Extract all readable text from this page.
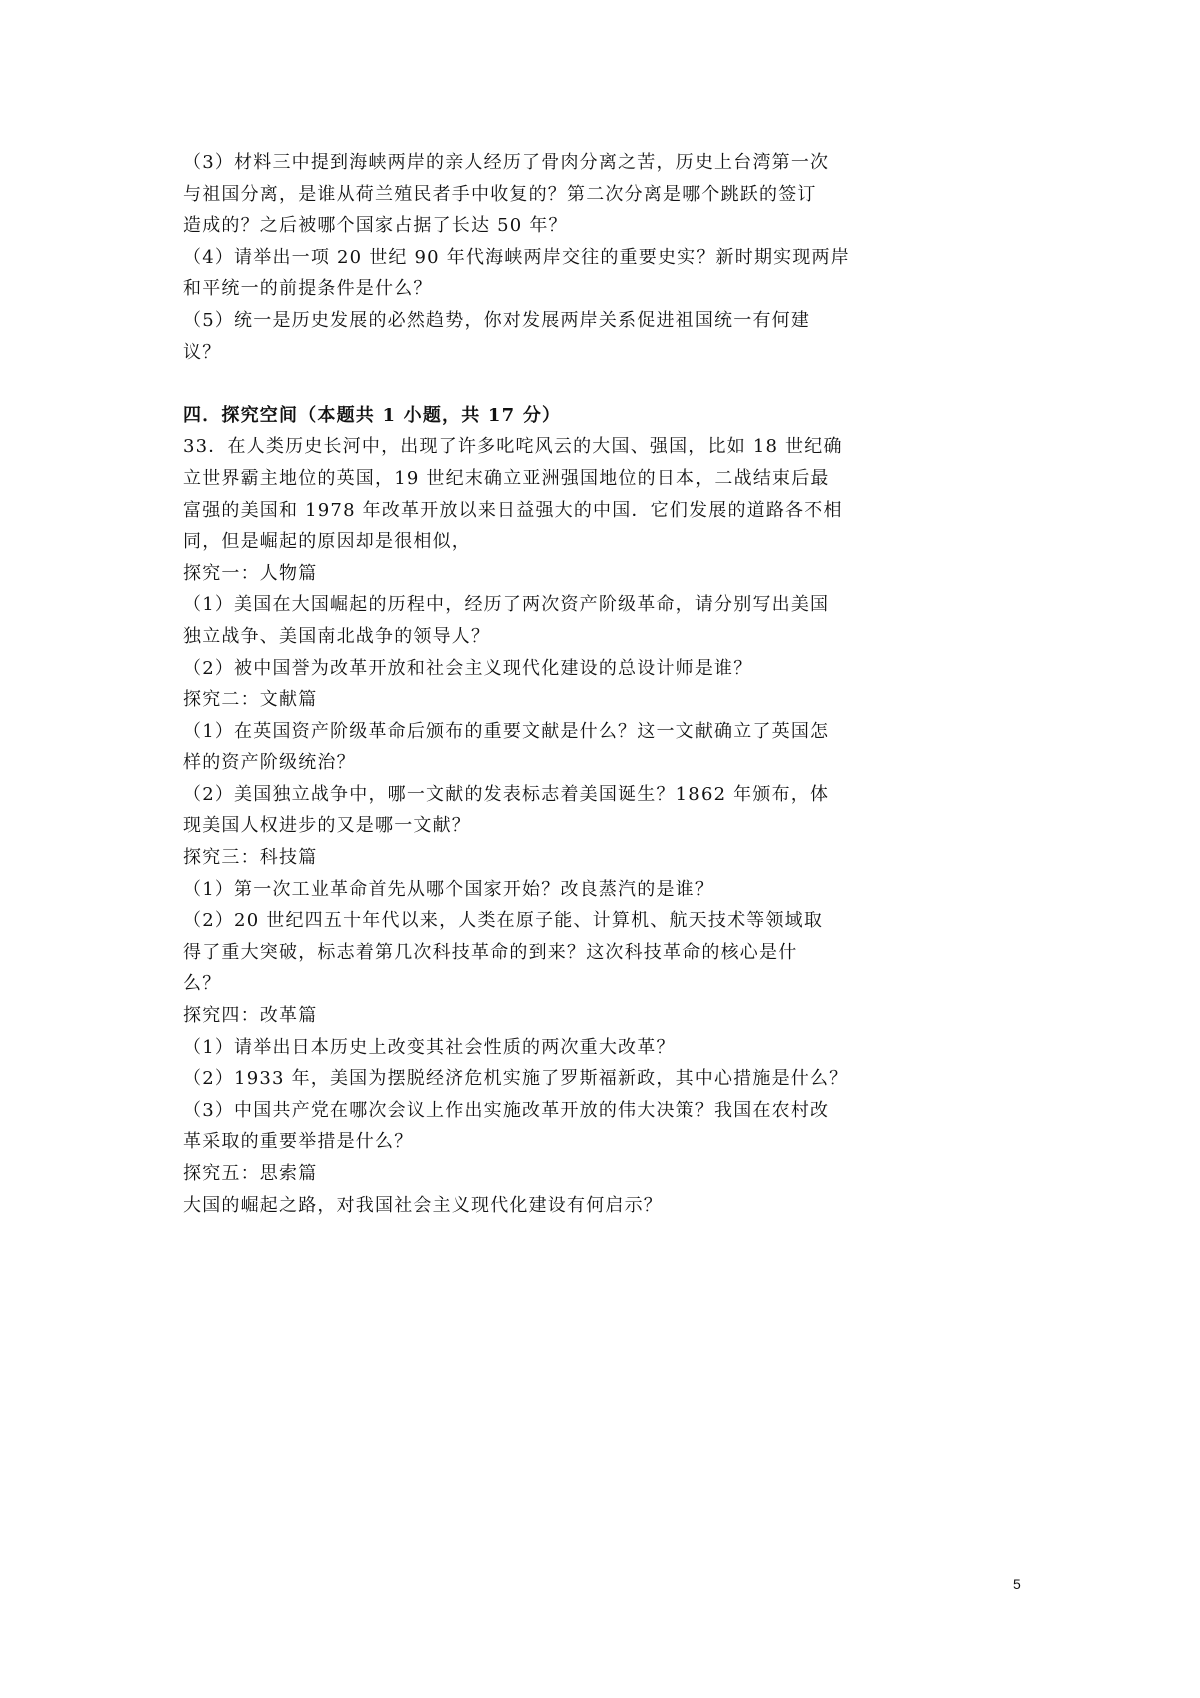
（3）材料三中提到海峡两岸的亲人经历了骨肉分离之苦，历史上台湾第一次

与祖国分离，是谁从荷兰殖民者手中收复的？第二次分离是哪个跳跃的签订

造成的？之后被哪个国家占据了长达 50 年？

（4）请举出一项 20 世纪 90 年代海峡两岸交往的重要史实？新时期实现两岸

和平统一的前提条件是什么？

（5）统一是历史发展的必然趋势，你对发展两岸关系促进祖国统一有何建

议？

四．探究空间（本题共 1 小题，共 17 分）

33．在人类历史长河中，出现了许多叱咤风云的大国、强国，比如 18 世纪确

立世界霸主地位的英国，19 世纪末确立亚洲强国地位的日本，二战结束后最

富强的美国和 1978 年改革开放以来日益强大的中国．它们发展的道路各不相

同，但是崛起的原因却是很相似，

探究一：人物篇

（1）美国在大国崛起的历程中，经历了两次资产阶级革命，请分别写出美国

独立战争、美国南北战争的领导人？

（2）被中国誉为改革开放和社会主义现代化建设的总设计师是谁？

探究二：文献篇

（1）在英国资产阶级革命后颁布的重要文献是什么？这一文献确立了英国怎

样的资产阶级统治？

（2）美国独立战争中，哪一文献的发表标志着美国诞生？1862 年颁布，体

现美国人权进步的又是哪一文献？

探究三：科技篇

（1）第一次工业革命首先从哪个国家开始？改良蒸汽的是谁？

（2）20 世纪四五十年代以来，人类在原子能、计算机、航天技术等领域取

得了重大突破，标志着第几次科技革命的到来？这次科技革命的核心是什

么？

探究四：改革篇

（1）请举出日本历史上改变其社会性质的两次重大改革？

（2）1933 年，美国为摆脱经济危机实施了罗斯福新政，其中心措施是什么？

（3）中国共产党在哪次会议上作出实施改革开放的伟大决策？我国在农村改

革采取的重要举措是什么？

探究五：思索篇

大国的崛起之路，对我国社会主义现代化建设有何启示？

5
